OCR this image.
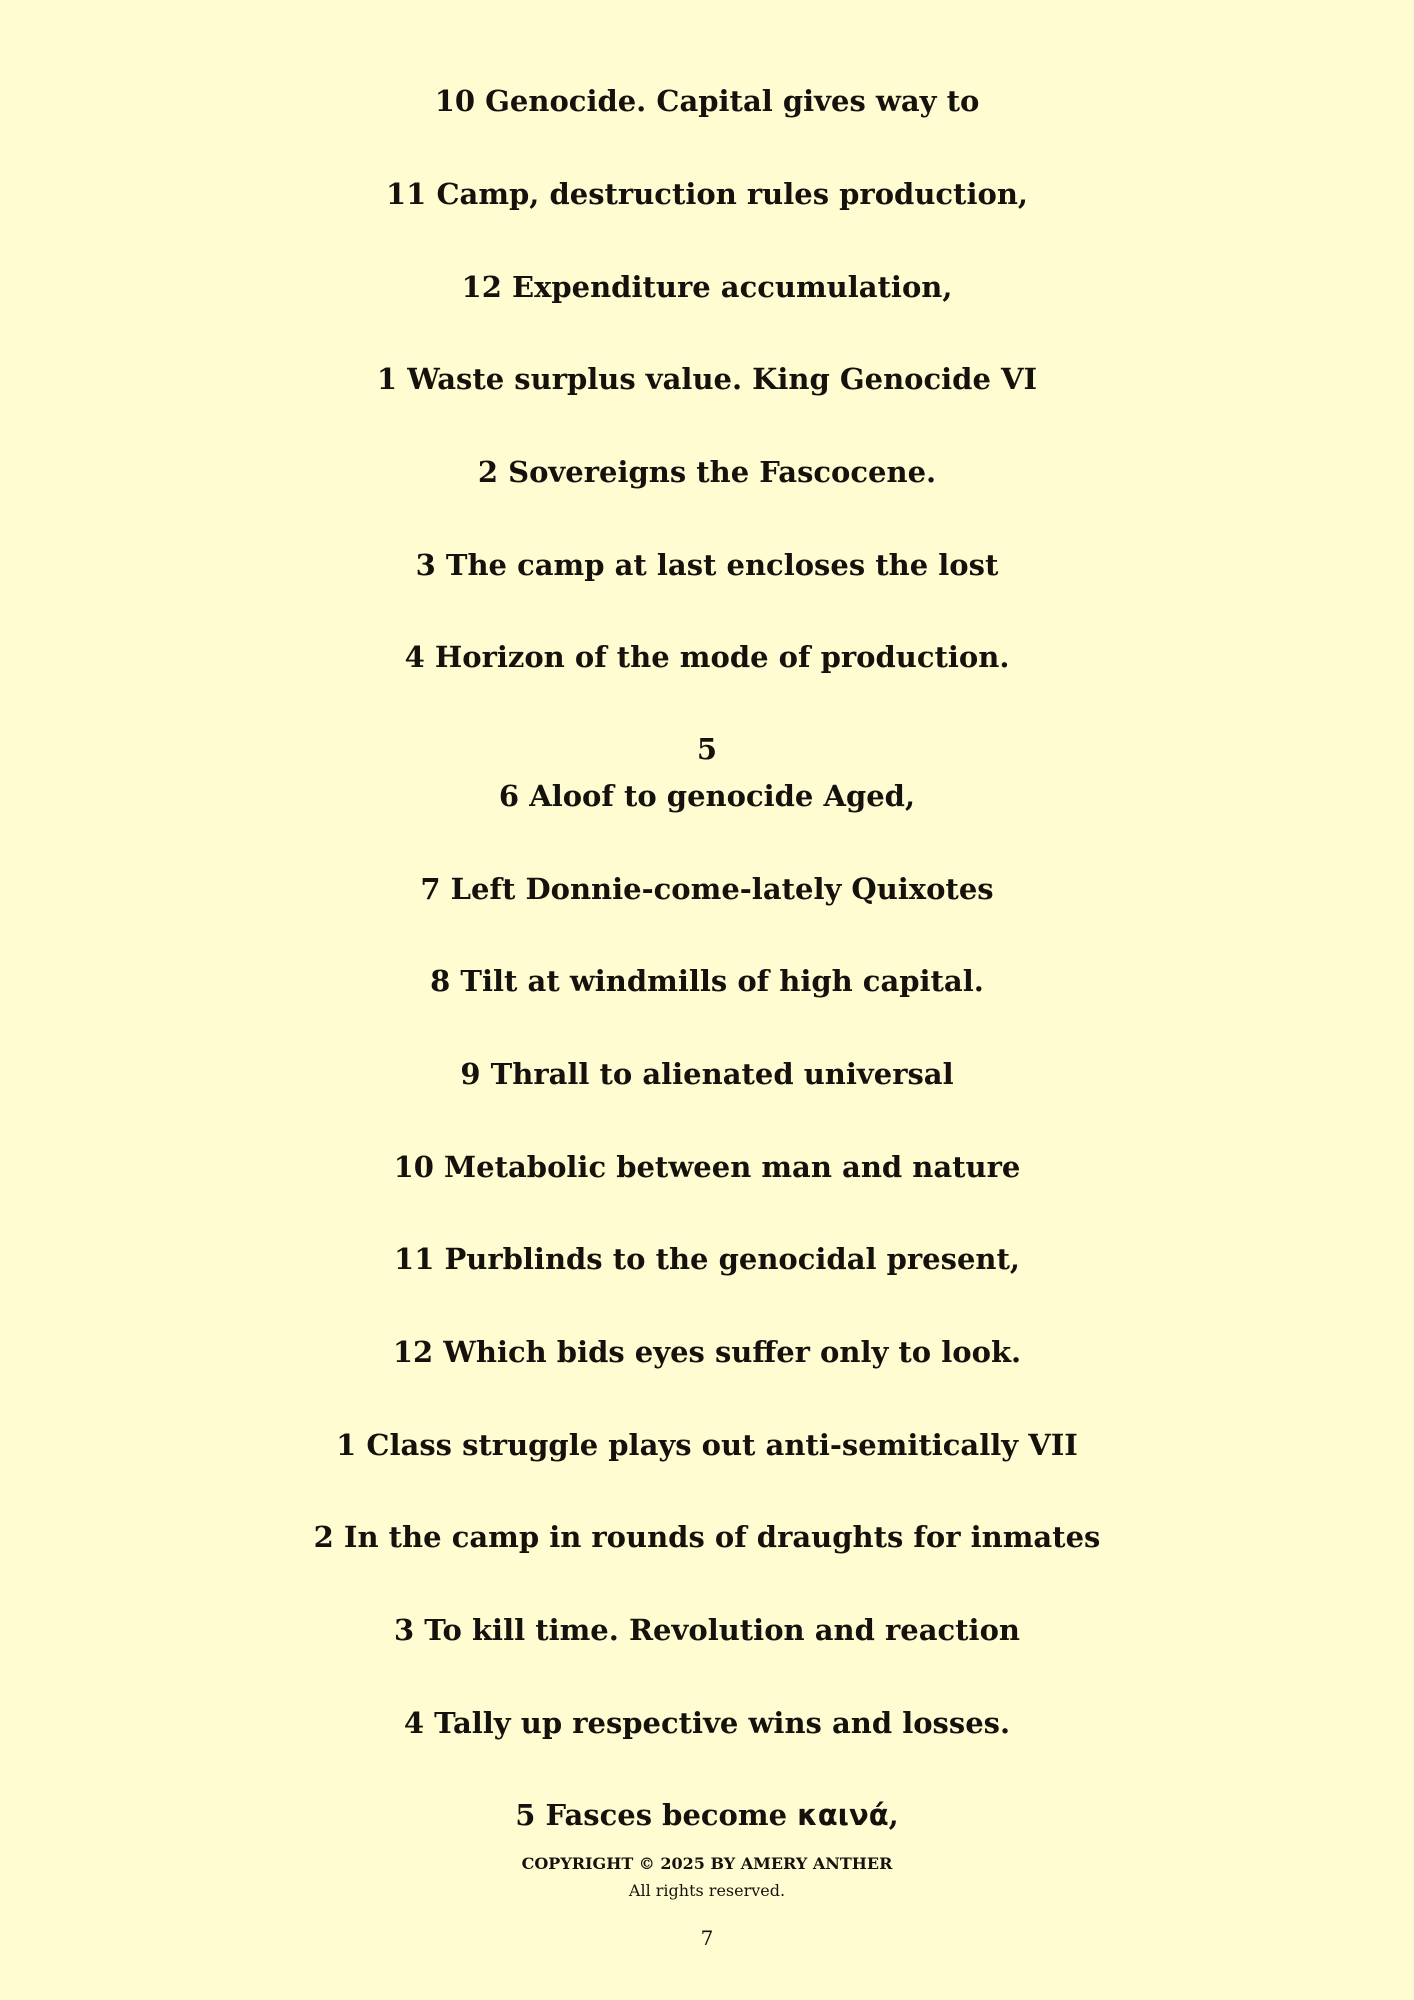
10 Genocide. Capital gives way to
11 Camp, destruction rules production,
12 Expenditure accumulation,
1 Waste surplus value. King Genocide VI
2 Sovereigns the Fascocene.
3 The camp at last encloses the lost
4 Horizon of the mode of production.
5
6 Aloof to genocide Aged,
7 Left Donnie-come-lately Quixotes
8 Tilt at windmills of high capital.
9 Thrall to alienated universal
10 Metabolic between man and nature
11 Purblinds to the genocidal present,
12 Which bids eyes suffer only to look.
1 Class struggle plays out anti-semitically VII
2 In the camp in rounds of draughts for inmates
3 To kill time. Revolution and reaction
4 Tally up respective wins and losses.
5 Fasces become καινά,
COPYRIGHT © 2025 BY AMERY ANTHER
All rights reserved.
7
